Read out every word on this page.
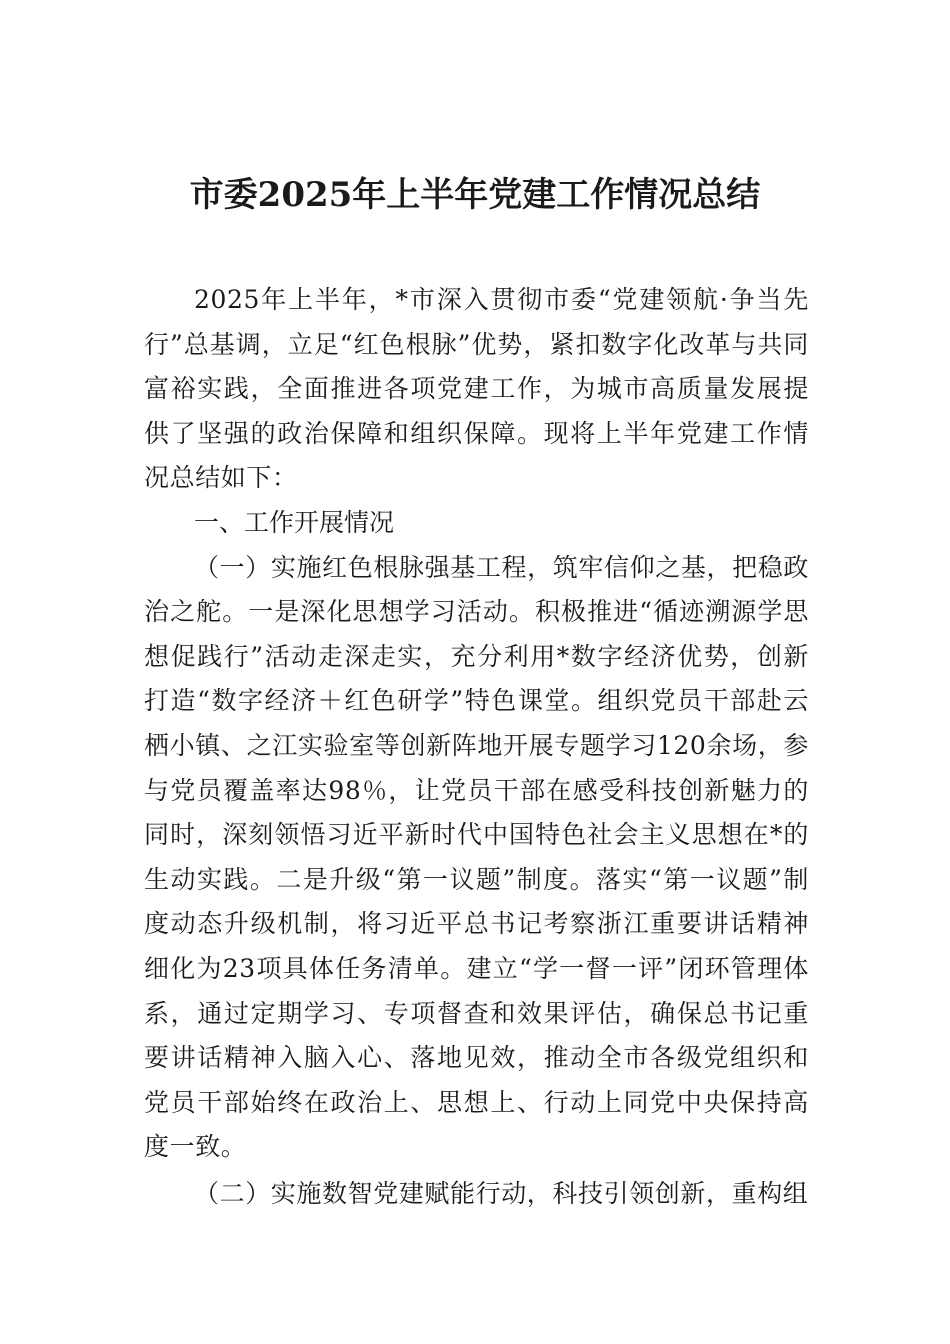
市委2025年上半年党建工作情况总结

2025年上半年，*市深入贯彻市委“党建领航·争当先行”总基调，立足“红色根脉”优势，紧扣数字化改革与共同富裕实践，全面推进各项党建工作，为城市高质量发展提供了坚强的政治保障和组织保障。现将上半年党建工作情况总结如下：

一、工作开展情况

（一）实施红色根脉强基工程，筑牢信仰之基，把稳政治之舵。一是深化思想学习活动。积极推进“循迹溯源学思想促践行”活动走深走实，充分利用*数字经济优势，创新打造“数字经济＋红色研学”特色课堂。组织党员干部赴云栖小镇、之江实验室等创新阵地开展专题学习120余场，参与党员覆盖率达98％，让党员干部在感受科技创新魅力的同时，深刻领悟习近平新时代中国特色社会主义思想在*的生动实践。二是升级“第一议题”制度。落实“第一议题”制度动态升级机制，将习近平总书记考察浙江重要讲话精神细化为23项具体任务清单。建立“学一督一评”闭环管理体系，通过定期学习、专项督查和效果评估，确保总书记重要讲话精神入脑入心、落地见效，推动全市各级党组织和党员干部始终在政治上、思想上、行动上同党中央保持高度一致。

（二）实施数智党建赋能行动，科技引领创新，重构组
